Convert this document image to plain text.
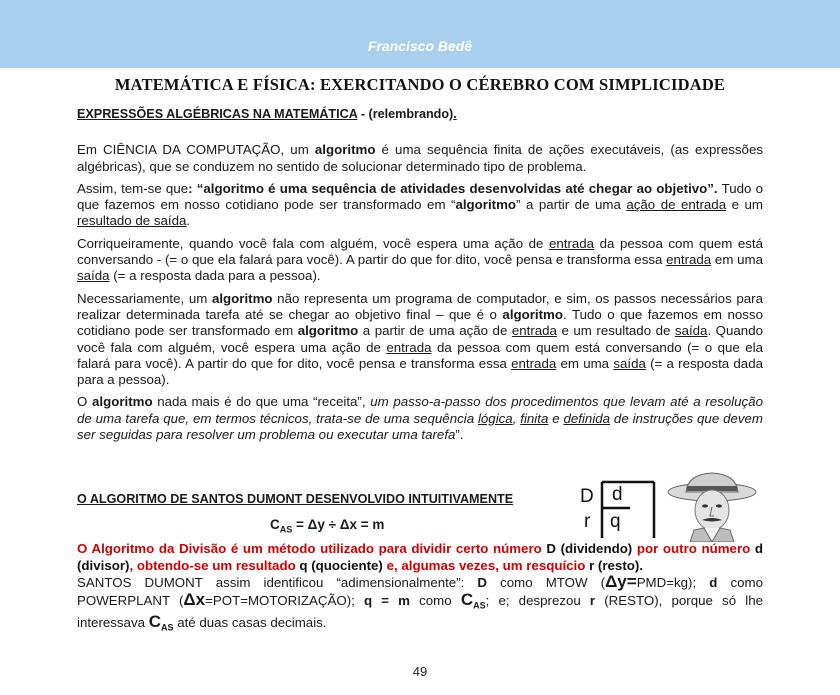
Francisco Bedê
MATEMÁTICA E FÍSICA: EXERCITANDO O CÉREBRO COM SIMPLICIDADE

EXPRESSÕES ALGÉBRICAS NA MATEMÁTICA - (relembrando).

Em CIÊNCIA DA COMPUTAÇÃO, um algoritmo é uma sequência finita de ações executáveis, (as expressões algébricas), que se conduzem no sentido de solucionar determinado tipo de problema.

Assim, tem-se que: “algoritmo é uma sequência de atividades desenvolvidas até chegar ao objetivo”. Tudo o que fazemos em nosso cotidiano pode ser transformado em “algoritmo” a partir de uma ação de entrada e um resultado de saída.

Corriqueiramente, quando você fala com alguém, você espera uma ação de entrada da pessoa com quem está conversando - (= o que ela falará para você). A partir do que for dito, você pensa e transforma essa entrada em uma saída (= a resposta dada para a pessoa).

Necessariamente, um algoritmo não representa um programa de computador, e sim, os passos necessários para realizar determinada tarefa até se chegar ao objetivo final – que é o algoritmo. Tudo o que fazemos em nosso cotidiano pode ser transformado em algoritmo a partir de uma ação de entrada e um resultado de saída. Quando você fala com alguém, você espera uma ação de entrada da pessoa com quem está conversando (= o que ela falará para você). A partir do que for dito, você pensa e transforma essa entrada em uma saída (= a resposta dada para a pessoa).

O algoritmo nada mais é do que uma “receita”, um passo-a-passo dos procedimentos que levam até a resolução de uma tarefa que, em termos técnicos, trata-se de uma sequência lógica, finita e definida de instruções que devem ser seguidas para resolver um problema ou executar uma tarefa”.

O ALGORITMO DE SANTOS DUMONT DESENVOLVIDO INTUITIVAMENTE
$C_{AS} = \Delta y \div \Delta x = m$
D d
r q

O Algoritmo da Divisão é um método utilizado para dividir certo número D (dividendo) por outro número d (divisor), obtendo-se um resultado q (quociente) e, algumas vezes, um resquício r (resto).

SANTOS DUMONT assim identificou “adimensionalmente”: D como MTOW (Δy=PMD=kg); d como POWERPLANT (Δx=POT=MOTORIZAÇÃO); q = m como $C_{AS}$; e; desprezou r (RESTO), porque só lhe interessava $C_{AS}$ até duas casas decimais.

49
